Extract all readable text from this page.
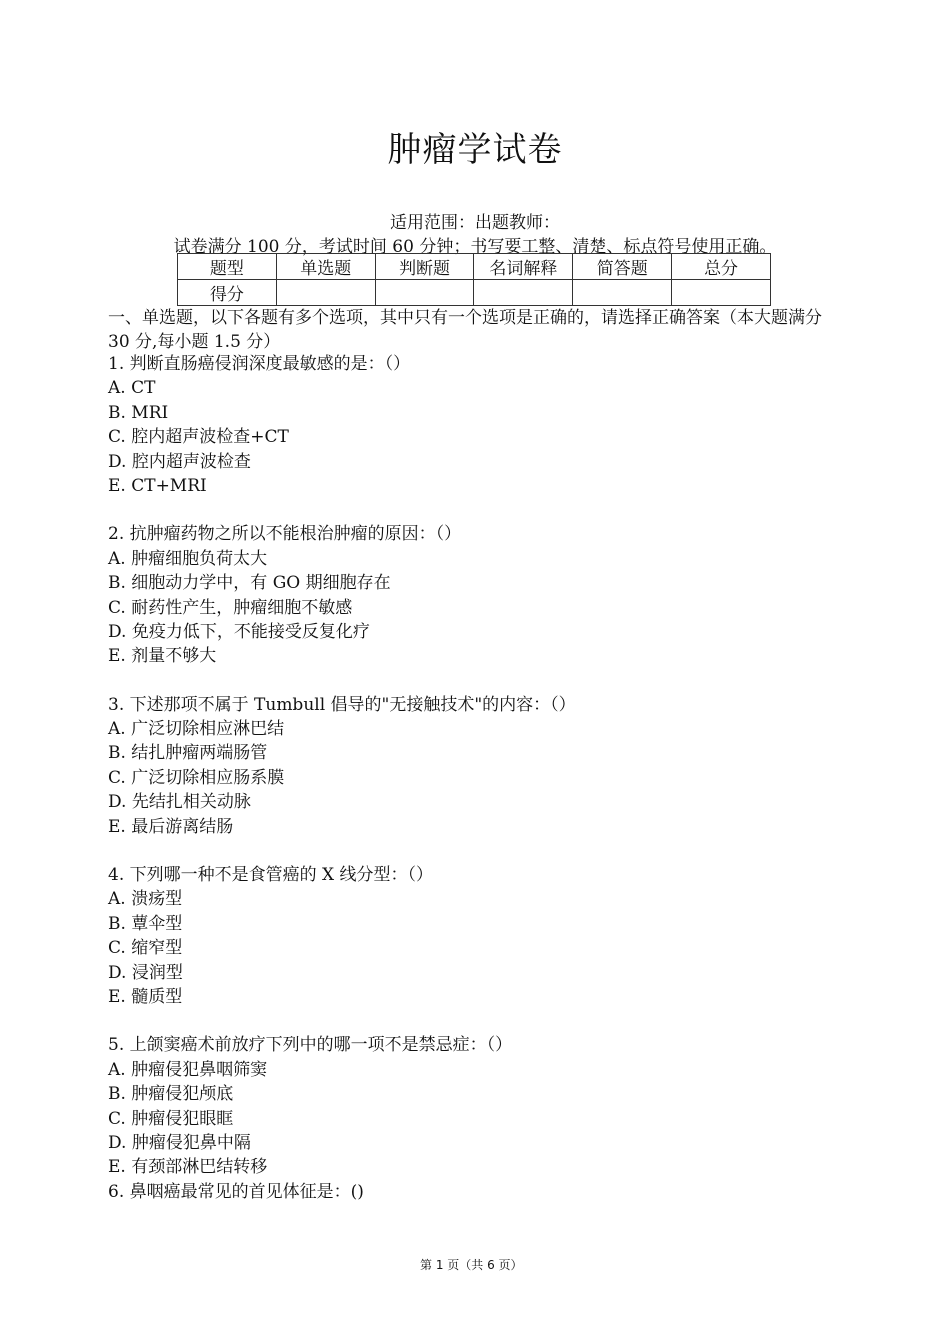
肿瘤学试卷
适用范围：出题教师：
试卷满分 100 分，考试时间 60 分钟；书写要工整、清楚、标点符号使用正确。
题型	单选题	判断题	名词解释	简答题	总分
得分					
一、单选题，以下各题有多个选项，其中只有一个选项是正确的，请选择正确答案（本大题满分 30 分,每小题 1.5 分）
1. 判断直肠癌侵润深度最敏感的是：（）
A. CT
B. MRI
C. 腔内超声波检查+CT
D. 腔内超声波检查
E. CT+MRI
2. 抗肿瘤药物之所以不能根治肿瘤的原因：（）
A. 肿瘤细胞负荷太大
B. 细胞动力学中，有 GO 期细胞存在
C. 耐药性产生，肿瘤细胞不敏感
D. 免疫力低下，不能接受反复化疗
E. 剂量不够大
3. 下述那项不属于 Tumbull 倡导的"无接触技术"的内容：（）
A. 广泛切除相应淋巴结
B. 结扎肿瘤两端肠管
C. 广泛切除相应肠系膜
D. 先结扎相关动脉
E. 最后游离结肠
4. 下列哪一种不是食管癌的 X 线分型：（）
A. 溃疡型
B. 蕈伞型
C. 缩窄型
D. 浸润型
E. 髓质型
5. 上颌窦癌术前放疗下列中的哪一项不是禁忌症：（）
A. 肿瘤侵犯鼻咽筛窦
B. 肿瘤侵犯颅底
C. 肿瘤侵犯眼眶
D. 肿瘤侵犯鼻中隔
E. 有颈部淋巴结转移
6. 鼻咽癌最常见的首见体征是：()
第 1 页（共 6 页）
